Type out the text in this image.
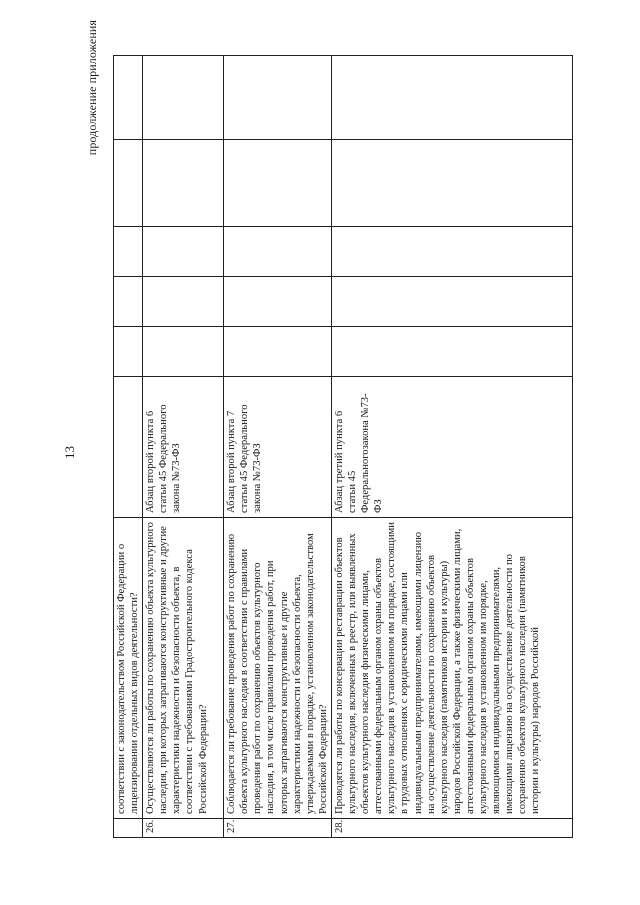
13
продолжение приложения
	соответствии с законодательством Российской Федерации о лицензировании отдельных видов деятельности?						
26.	Осуществляются ли работы по сохранению объекта культурного наследия, при которых затрагиваются конструктивные и другие характеристики надежности и безопасности объекта, в соответствии с требованиями Градостроительного кодекса Российской Федерации?	Абзац второй пункта 6 статьи 45 Федерального закона №73-ФЗ					
27.	Соблюдается ли требование проведения работ по сохранению объекта культурного наследия в соответствии с правилами проведения работ по сохранению объектов культурного наследия, в том числе правилами проведения работ, при которых затрагиваются конструктивные и другие характеристики надежности и безопасности объекта, утверждаемыми в порядке, установленном законодательством Российской Федерации?	Абзац второй пункта 7 статьи 45 Федерального закона №73-ФЗ					
28.	Проводятся ли работы по консервации реставрации объектов культурного наследия, включенных в реестр, или выявленных объектов культурного наследия физическими лицами, аттестованными федеральным органом охраны объектов культурного наследия в установленном им порядке, состоящими в трудовых отношениях с юридическими лицами или индивидуальными предпринимателями, имеющими лицензию на осуществление деятельности по сохранению объектов культурного наследия (памятников истории и культуры) народов Российской Федерации, а также физическими лицами, аттестованными федеральным органом охраны объектов культурного наследия в установленном им порядке, являющимися индивидуальными предпринимателями, имеющими лицензию на осуществление деятельности по сохранению объектов культурного наследия (памятников истории и культуры) народов Российской	Абзац третий пункта 6 статьи 45 Федеральногозакона №73-ФЗ					
